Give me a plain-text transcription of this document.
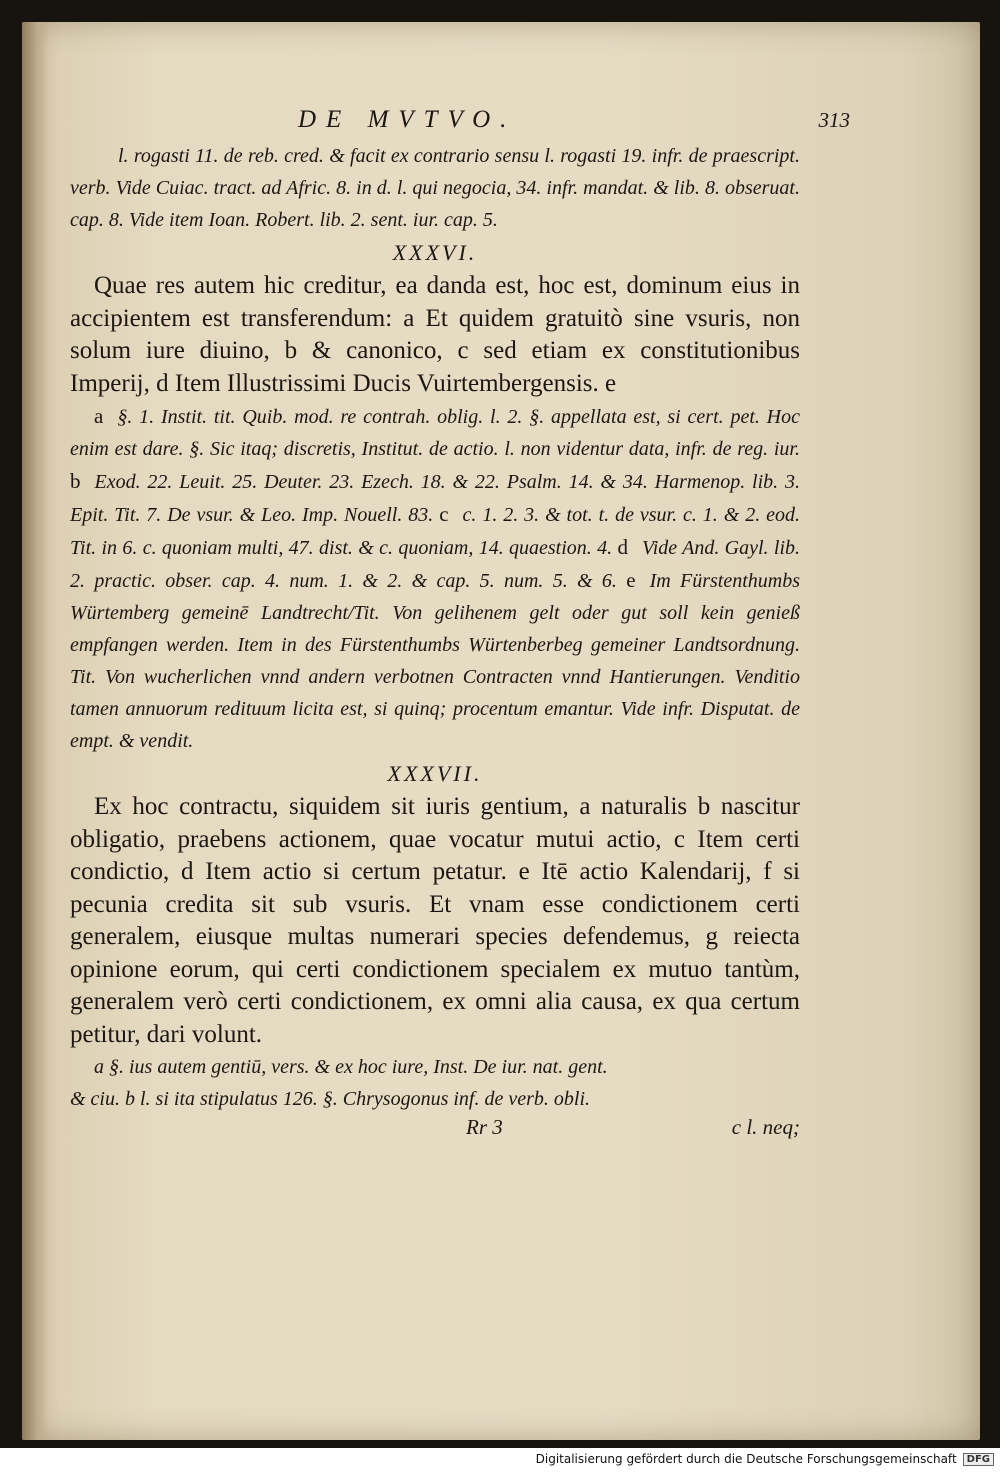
DE MVTVO.	313

l. rogasti 11. de reb. cred. & facit ex contrario sensu l. rogasti 19. infr. de praescript. verb. Vide Cuiac. tract. ad Afric. 8. in d. l. qui negocia, 34. infr. mandat. & lib. 8. obseruat. cap. 8. Vide item Ioan. Robert. lib. 2. sent. iur. cap. 5.

XXXVI.

Quae res autem hic creditur, ea danda est, hoc est, dominum eius in accipientem est transferendum: a Et quidem gratuitò sine vsuris, non solum iure diuino, b & canonico, c sed etiam ex constitutionibus Imperij, d Item Illustrissimi Ducis Vuirtembergensis. e

a §. 1. Instit. tit. Quib. mod. re contrah. oblig. l. 2. §. appellata est, si cert. pet. Hoc enim est dare. §. Sic itaq; discretis, Institut. de actio. l. non videntur data, infr. de reg. iur. b Exod. 22. Leuit. 25. Deuter. 23. Ezech. 18. & 22. Psalm. 14. & 34. Harmenop. lib. 3. Epit. Tit. 7. De vsur. & Leo. Imp. Nouell. 83. c c. 1. 2. 3. & tot. t. de vsur. c. 1. & 2. eod. Tit. in 6. c. quoniam multi, 47. dist. & c. quoniam, 14. quaestion. 4. d Vide And. Gayl. lib. 2. practic. obser. cap. 4. num. 1. & 2. & cap. 5. num. 5. & 6. e Im Fürstenthumbs Würtemberg gemeinē Landtrecht/Tit. Von gelihenem gelt oder gut soll kein genieß empfangen werden. Item in des Fürstenthumbs Würtenberbeg gemeiner Landtsordnung. Tit. Von wucherlichen vnnd andern verbotnen Contracten vnnd Hantierungen. Venditio tamen annuorum redituum licita est, si quinq; procentum emantur. Vide infr. Disputat. de empt. & vendit.

XXXVII.

Ex hoc contractu, siquidem sit iuris gentium, a naturalis b nascitur obligatio, praebens actionem, quae vocatur mutui actio, c Item certi condictio, d Item actio si certum petatur. e Itē actio Kalendarij, f si pecunia credita sit sub vsuris. Et vnam esse condictionem certi generalem, eiusque multas numerari species defendemus, g reiecta opinione eorum, qui certi condictionem specialem ex mutuo tantùm, generalem verò certi condictionem, ex omni alia causa, ex qua certum petitur, dari volunt.

a §. ius autem gentiū, vers. & ex hoc iure, Inst. De iur. nat. gent.

& ciu. b l. si ita stipulatus 126. §. Chrysogonus inf. de verb. obli.

Rr 3	c l. neq;
Digitalisierung gefördert durch die Deutsche Forschungsgemeinschaft	DFG
